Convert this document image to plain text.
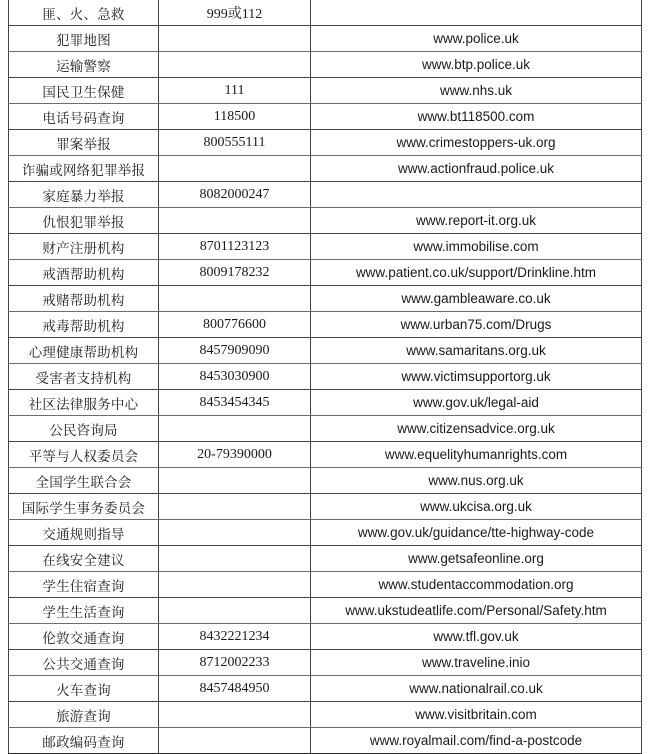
匪、火、急救	999或112	
犯罪地图		www.police.uk
运输警察		www.btp.police.uk
国民卫生保健	111	www.nhs.uk
电话号码查询	118500	www.bt118500.com
罪案举报	800555111	www.crimestoppers-uk.org
诈骗或网络犯罪举报		www.actionfraud.police.uk
家庭暴力举报	8082000247	
仇恨犯罪举报		www.report-it.org.uk
财产注册机构	8701123123	www.immobilise.com
戒酒帮助机构	8009178232	www.patient.co.uk/support/Drinkline.htm
戒赌帮助机构		www.gambleaware.co.uk
戒毒帮助机构	800776600	www.urban75.com/Drugs
心理健康帮助机构	8457909090	www.samaritans.org.uk
受害者支持机构	8453030900	www.victimsupportorg.uk
社区法律服务中心	8453454345	www.gov.uk/legal-aid
公民咨询局		www.citizensadvice.org.uk
平等与人权委员会	20-79390000	www.equelityhumanrights.com
全国学生联合会		www.nus.org.uk
国际学生事务委员会		www.ukcisa.org.uk
交通规则指导		www.gov.uk/guidance/tte-highway-code
在线安全建议		www.getsafeonline.org
学生住宿查询		www.studentaccommodation.org
学生生活查询		www.ukstudeatlife.com/Personal/Safety.htm
伦敦交通查询	8432221234	www.tfl.gov.uk
公共交通查询	8712002233	www.traveline.inio
火车查询	8457484950	www.nationalrail.co.uk
旅游查询		www.visitbritain.com
邮政编码查询		www.royalmail.com/find-a-postcode
